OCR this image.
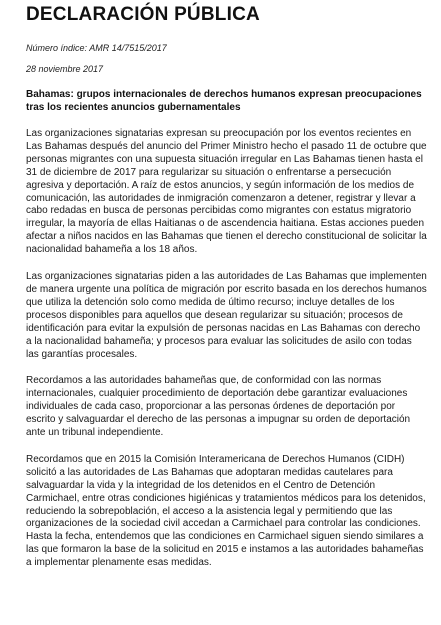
DECLARACIÓN PÚBLICA

Número índice: AMR 14/7515/2017

28 noviembre 2017

Bahamas: grupos internacionales de derechos humanos expresan preocupaciones tras los recientes anuncios gubernamentales

Las organizaciones signatarias expresan su preocupación por los eventos recientes en Las Bahamas después del anuncio del Primer Ministro hecho el pasado 11 de octubre que personas migrantes con una supuesta situación irregular en Las Bahamas tienen hasta el 31 de diciembre de 2017 para regularizar su situación o enfrentarse a persecución agresiva y deportación. A raíz de estos anuncios, y según información de los medios de comunicación, las autoridades de inmigración comenzaron a detener, registrar y llevar a cabo redadas en busca de personas percibidas como migrantes con estatus migratorio irregular, la mayoría de ellas Haitianas o de ascendencia haitiana. Estas acciones pueden afectar a niños nacidos en las Bahamas que tienen el derecho constitucional de solicitar la nacionalidad bahameña a los 18 años.

Las organizaciones signatarias piden a las autoridades de Las Bahamas que implementen de manera urgente una política de migración por escrito basada en los derechos humanos que utiliza la detención solo como medida de último recurso; incluye detalles de los procesos disponibles para aquellos que desean regularizar su situación; procesos de identificación para evitar la expulsión de personas nacidas en Las Bahamas con derecho a la nacionalidad bahameña; y procesos para evaluar las solicitudes de asilo con todas las garantías procesales.

Recordamos a las autoridades bahameñas que, de conformidad con las normas internacionales, cualquier procedimiento de deportación debe garantizar evaluaciones individuales de cada caso, proporcionar a las personas órdenes de deportación por escrito y salvaguardar el derecho de las personas a impugnar su orden de deportación ante un tribunal independiente.

Recordamos que en 2015 la Comisión Interamericana de Derechos Humanos (CIDH) solicitó a las autoridades de Las Bahamas que adoptaran medidas cautelares para salvaguardar la vida y la integridad de los detenidos en el Centro de Detención Carmichael, entre otras condiciones higiénicas y tratamientos médicos para los detenidos, reduciendo la sobrepoblación, el acceso a la asistencia legal y permitiendo que las organizaciones de la sociedad civil accedan a Carmichael para controlar las condiciones. Hasta la fecha, entendemos que las condiciones en Carmichael siguen siendo similares a las que formaron la base de la solicitud en 2015 e instamos a las autoridades bahameñas a implementar plenamente esas medidas.
